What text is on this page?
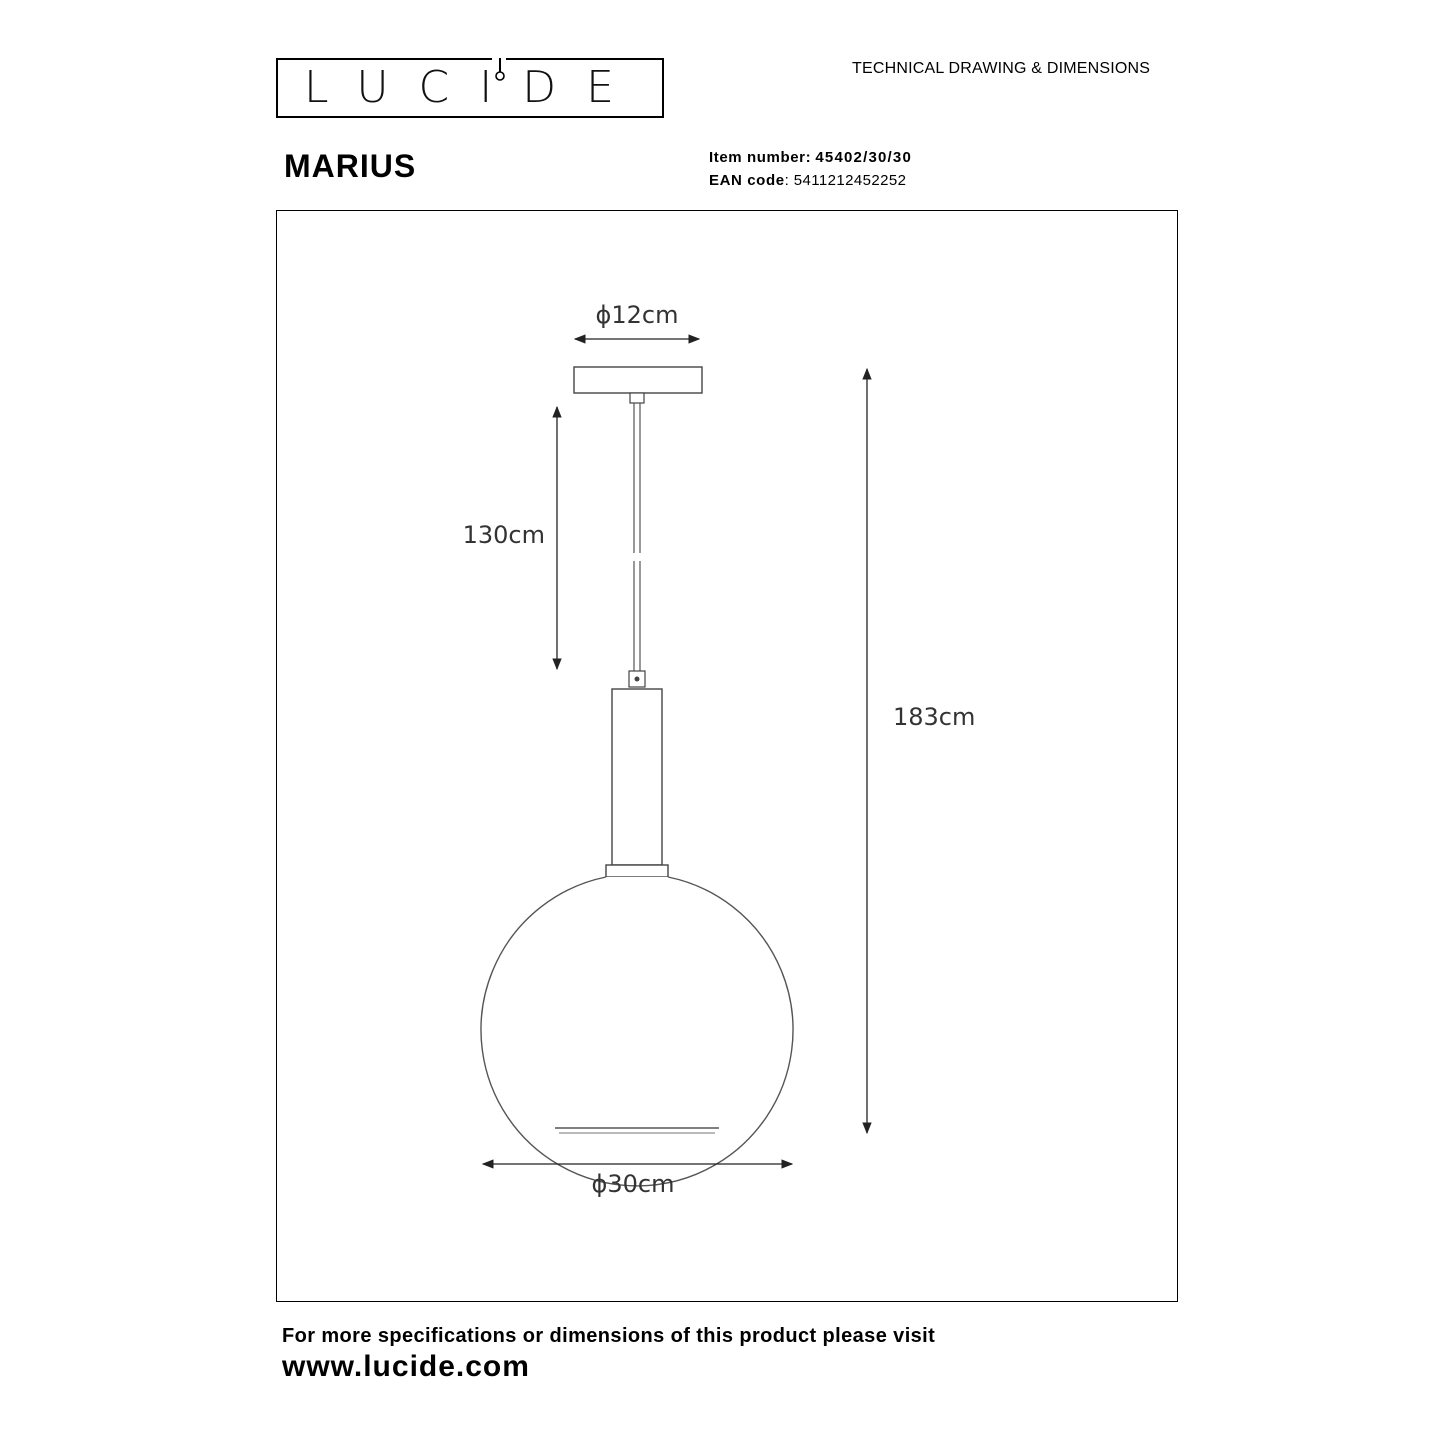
LUCIDE	TECHNICAL DRAWING & DIMENSIONS
MARIUS	Item number: 45402/30/30
EAN code: 5411212452252
ϕ12cm
130cm
ϕ30cm
183cm
For more specifications or dimensions of this product please visit
www.lucide.com
